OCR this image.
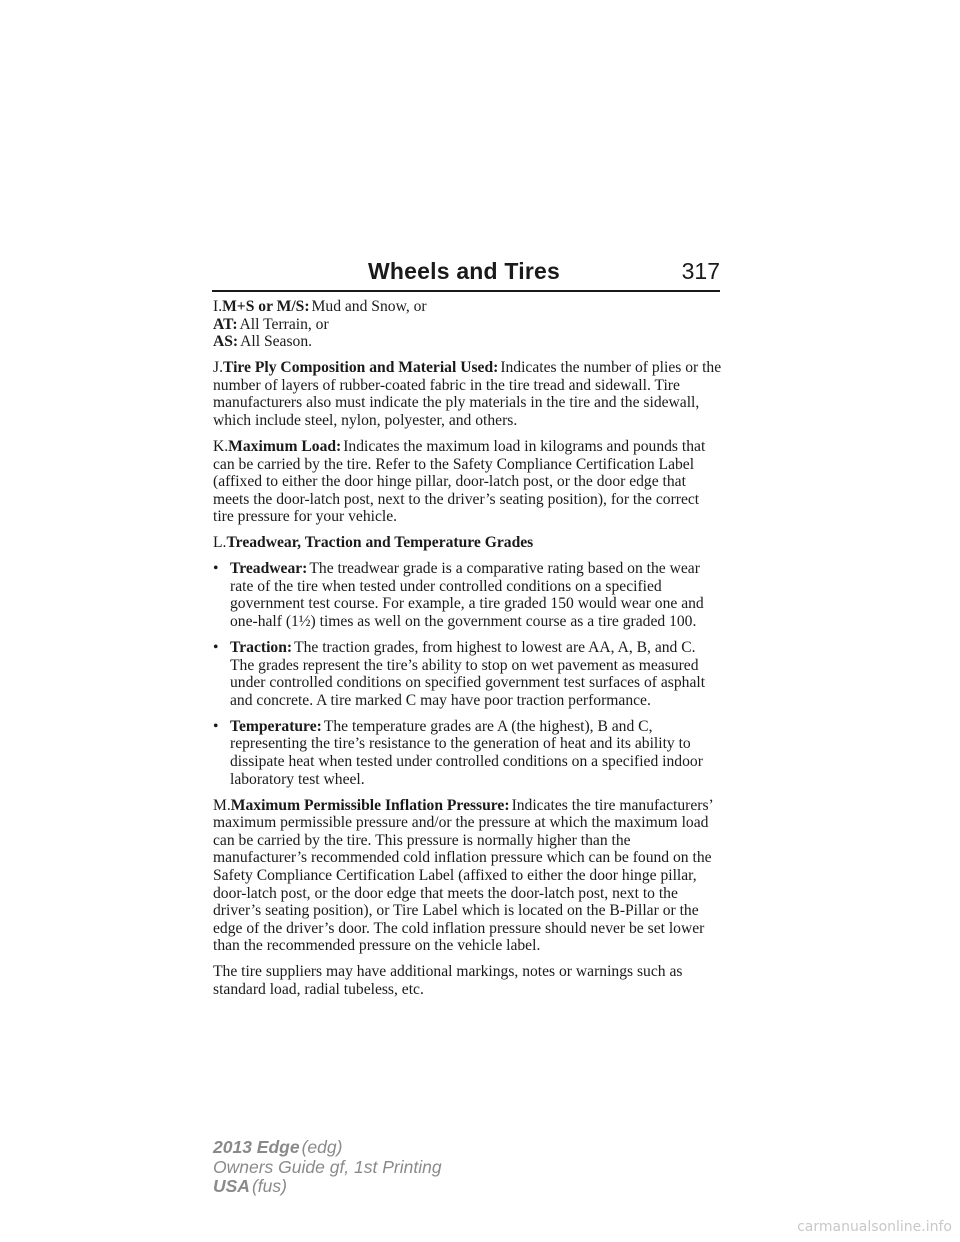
Wheels and Tires	317

I.M+S or M/S: Mud and Snow, or

AT: All Terrain, or

AS: All Season.

J.Tire Ply Composition and Material Used: Indicates the number of plies or the number of layers of rubber-coated fabric in the tire tread and sidewall. Tire manufacturers also must indicate the ply materials in the tire and the sidewall, which include steel, nylon, polyester, and others.

K.Maximum Load: Indicates the maximum load in kilograms and pounds that can be carried by the tire. Refer to the Safety Compliance Certification Label (affixed to either the door hinge pillar, door-latch post, or the door edge that meets the door-latch post, next to the driver’s seating position), for the correct tire pressure for your vehicle.

L.Treadwear, Traction and Temperature Grades

• Treadwear: The treadwear grade is a comparative rating based on the wear rate of the tire when tested under controlled conditions on a specified government test course. For example, a tire graded 150 would wear one and one-half (1½) times as well on the government course as a tire graded 100.
• Traction: The traction grades, from highest to lowest are AA, A, B, and C. The grades represent the tire’s ability to stop on wet pavement as measured under controlled conditions on specified government test surfaces of asphalt and concrete. A tire marked C may have poor traction performance.
• Temperature: The temperature grades are A (the highest), B and C, representing the tire’s resistance to the generation of heat and its ability to dissipate heat when tested under controlled conditions on a specified indoor laboratory test wheel.

M.Maximum Permissible Inflation Pressure: Indicates the tire manufacturers’ maximum permissible pressure and/or the pressure at which the maximum load can be carried by the tire. This pressure is normally higher than the manufacturer’s recommended cold inflation pressure which can be found on the Safety Compliance Certification Label (affixed to either the door hinge pillar, door-latch post, or the door edge that meets the door-latch post, next to the driver’s seating position), or Tire Label which is located on the B-Pillar or the edge of the driver’s door. The cold inflation pressure should never be set lower than the recommended pressure on the vehicle label.

The tire suppliers may have additional markings, notes or warnings such as standard load, radial tubeless, etc.

2013 Edge (edg)
Owners Guide gf, 1st Printing
USA (fus)
carmanualsonline.info
